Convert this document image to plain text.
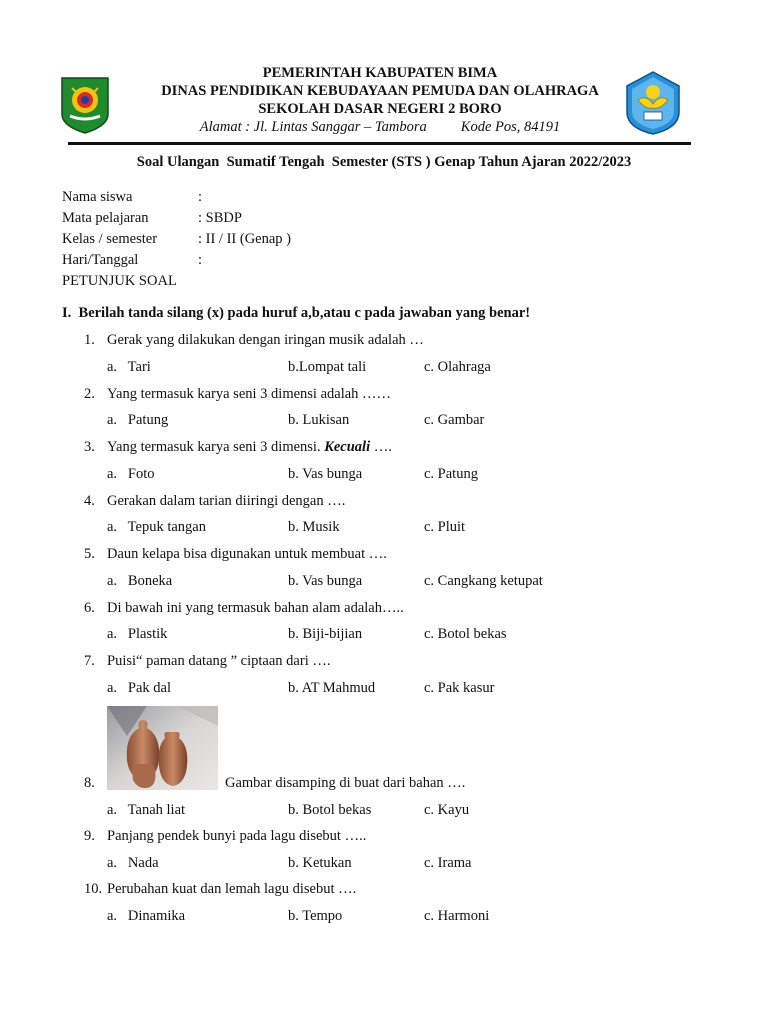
PEMERINTAH KABUPATEN BIMA
DINAS PENDIDIKAN KEBUDAYAAN PEMUDA DAN OLAHRAGA
SEKOLAH DASAR NEGERI 2 BORO
Alamat : Jl. Lintas Sanggar – Tambora Kode Pos, 84191
Soal Ulangan  Sumatif Tengah  Semester (STS ) Genap Tahun Ajaran 2022/2023
Nama siswa	:
Mata pelajaran	: SBDP
Kelas / semester	: II / II (Genap )
Hari/Tanggal	:
PETUNJUK SOAL
I.  Berilah tanda silang (x) pada huruf a,b,atau c pada jawaban yang benar!
1. Gerak yang dilakukan dengan iringan musik adalah …
a.   Tari	b.Lompat tali	c. Olahraga
2. Yang termasuk karya seni 3 dimensi adalah ……
a.   Patung	b. Lukisan	c. Gambar
3. Yang termasuk karya seni 3 dimensi. Kecuali ….
a.   Foto	b. Vas bunga	c. Patung
4. Gerakan dalam tarian diiringi dengan ….
a.   Tepuk tangan	b. Musik	c. Pluit
5. Daun kelapa bisa digunakan untuk membuat ….
a.   Boneka	b. Vas bunga	c. Cangkang ketupat
6. Di bawah ini yang termasuk bahan alam adalah…..
a.   Plastik	b. Biji-bijian	c. Botol bekas
7. Puisi“ paman datang ” ciptaan dari ….
a.   Pak dal	b. AT Mahmud	c. Pak kasur
8.	Gambar disamping di buat dari bahan ….
a.   Tanah liat	b. Botol bekas	c. Kayu
9. Panjang pendek bunyi pada lagu disebut …..
a.   Nada	b. Ketukan	c. Irama
10. Perubahan kuat dan lemah lagu disebut ….
a.   Dinamika	b. Tempo	c. Harmoni
